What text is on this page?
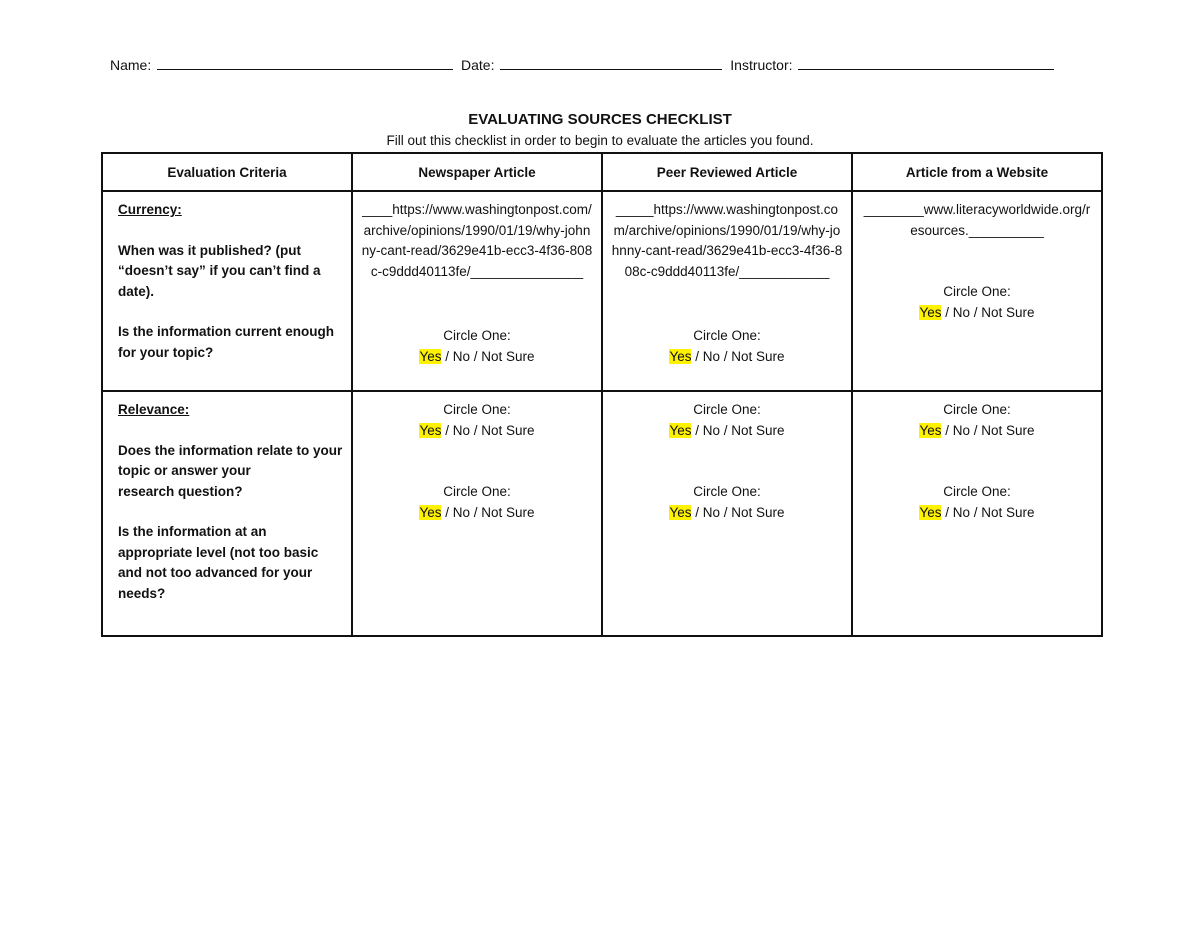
Name:	Date:	Instructor:
EVALUATING SOURCES CHECKLIST
Fill out this checklist in order to begin to evaluate the articles you found.
Evaluation Criteria	Newspaper Article	Peer Reviewed Article	Article from a Website

Currency:
When was it published? (put “doesn’t say” if you can’t find a date).
Is the information current enough for your topic?	____https://www.washingtonpost.com/archive/opinions/1990/01/19/why-johnny-cant-read/3629e41b-ecc3-4f36-808c-c9ddd40113fe/_______________
Circle One:
Yes / No / Not Sure	_____https://www.washingtonpost.com/archive/opinions/1990/01/19/why-johnny-cant-read/3629e41b-ecc3-4f36-808c-c9ddd40113fe/____________
Circle One:
Yes / No / Not Sure	________www.literacyworldwide.org/resources.__________
Circle One:
Yes / No / Not Sure

Relevance:
Does the information relate to your topic or answer your
research question?
Is the information at an appropriate level (not too basic and not too advanced for your needs?	Circle One:
Yes / No / Not Sure
Circle One:
Yes / No / Not Sure	Circle One:
Yes / No / Not Sure
Circle One:
Yes / No / Not Sure	Circle One:
Yes / No / Not Sure
Circle One:
Yes / No / Not Sure
